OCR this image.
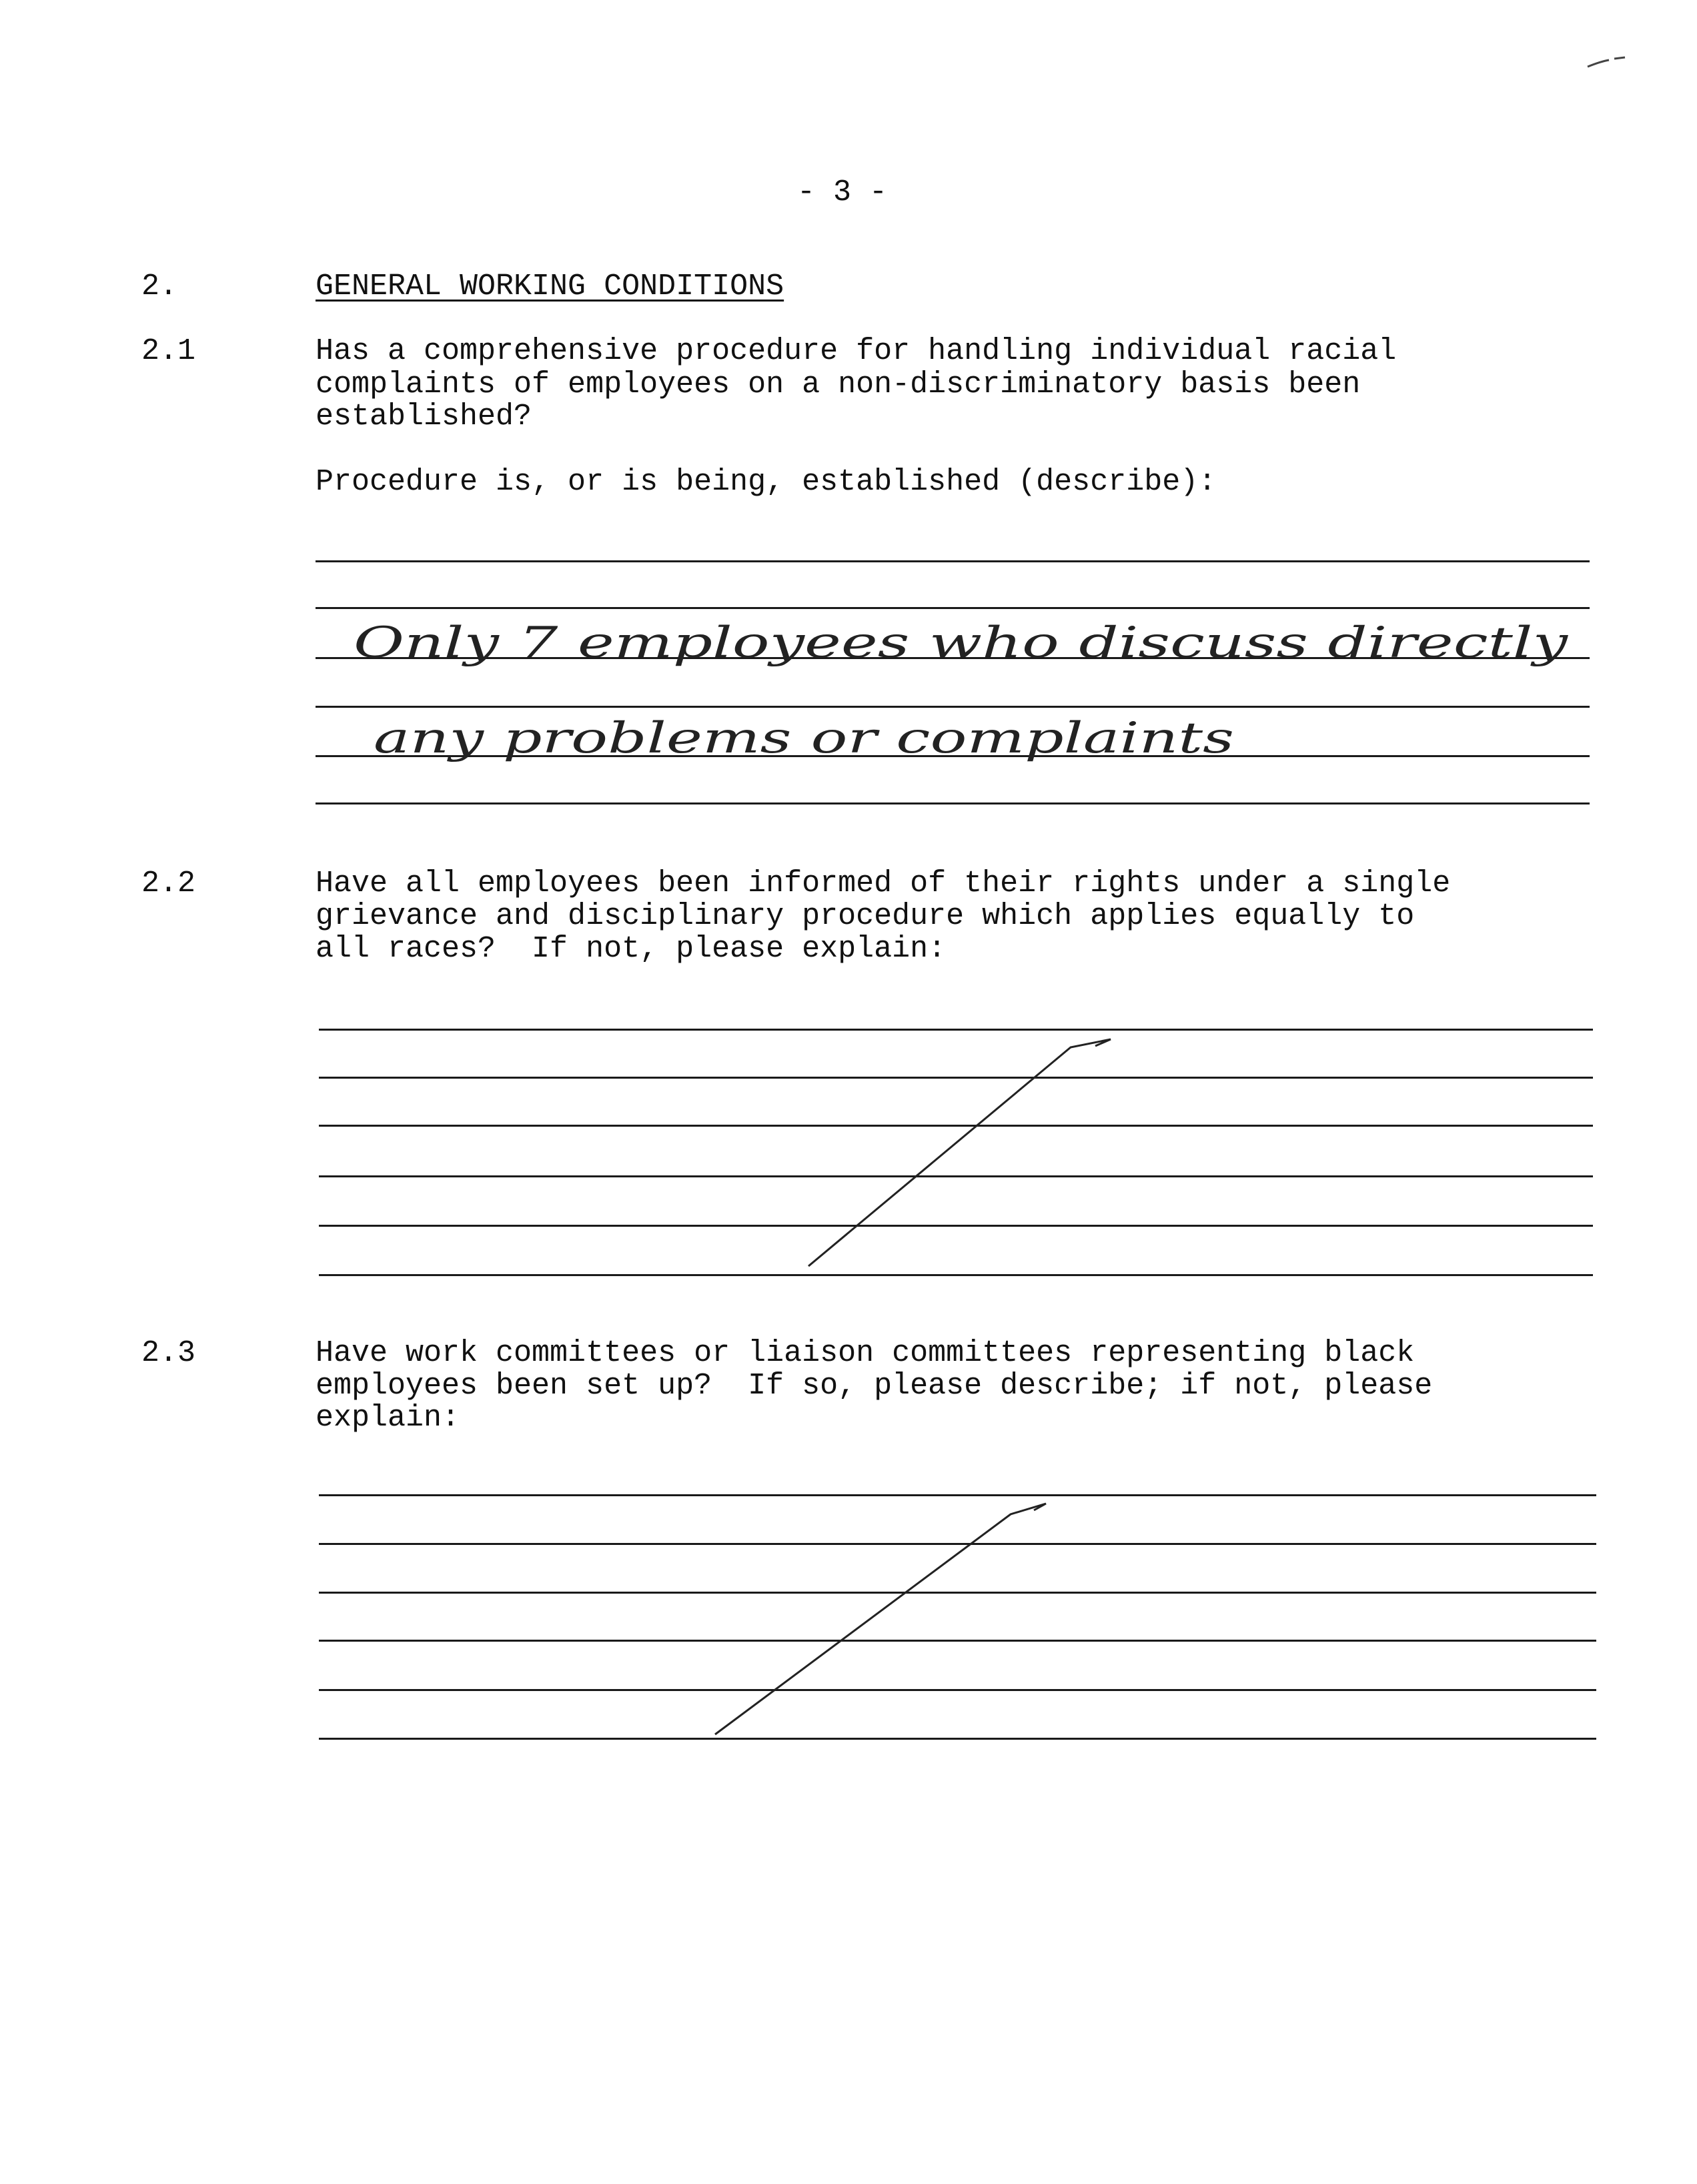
- 3 -
2.	GENERAL WORKING CONDITIONS
2.1	Has a comprehensive procedure for handling individual racial
complaints of employees on a non-discriminatory basis been
established?
Procedure is, or is being, established (describe):
2.2	Have all employees been informed of their rights under a single
grievance and disciplinary procedure which applies equally to
all races?  If not, please explain:
2.3	Have work committees or liaison committees representing black
employees been set up?  If so, please describe; if not, please
explain:
Only 7 employees who discuss directly
any problems or complaints
